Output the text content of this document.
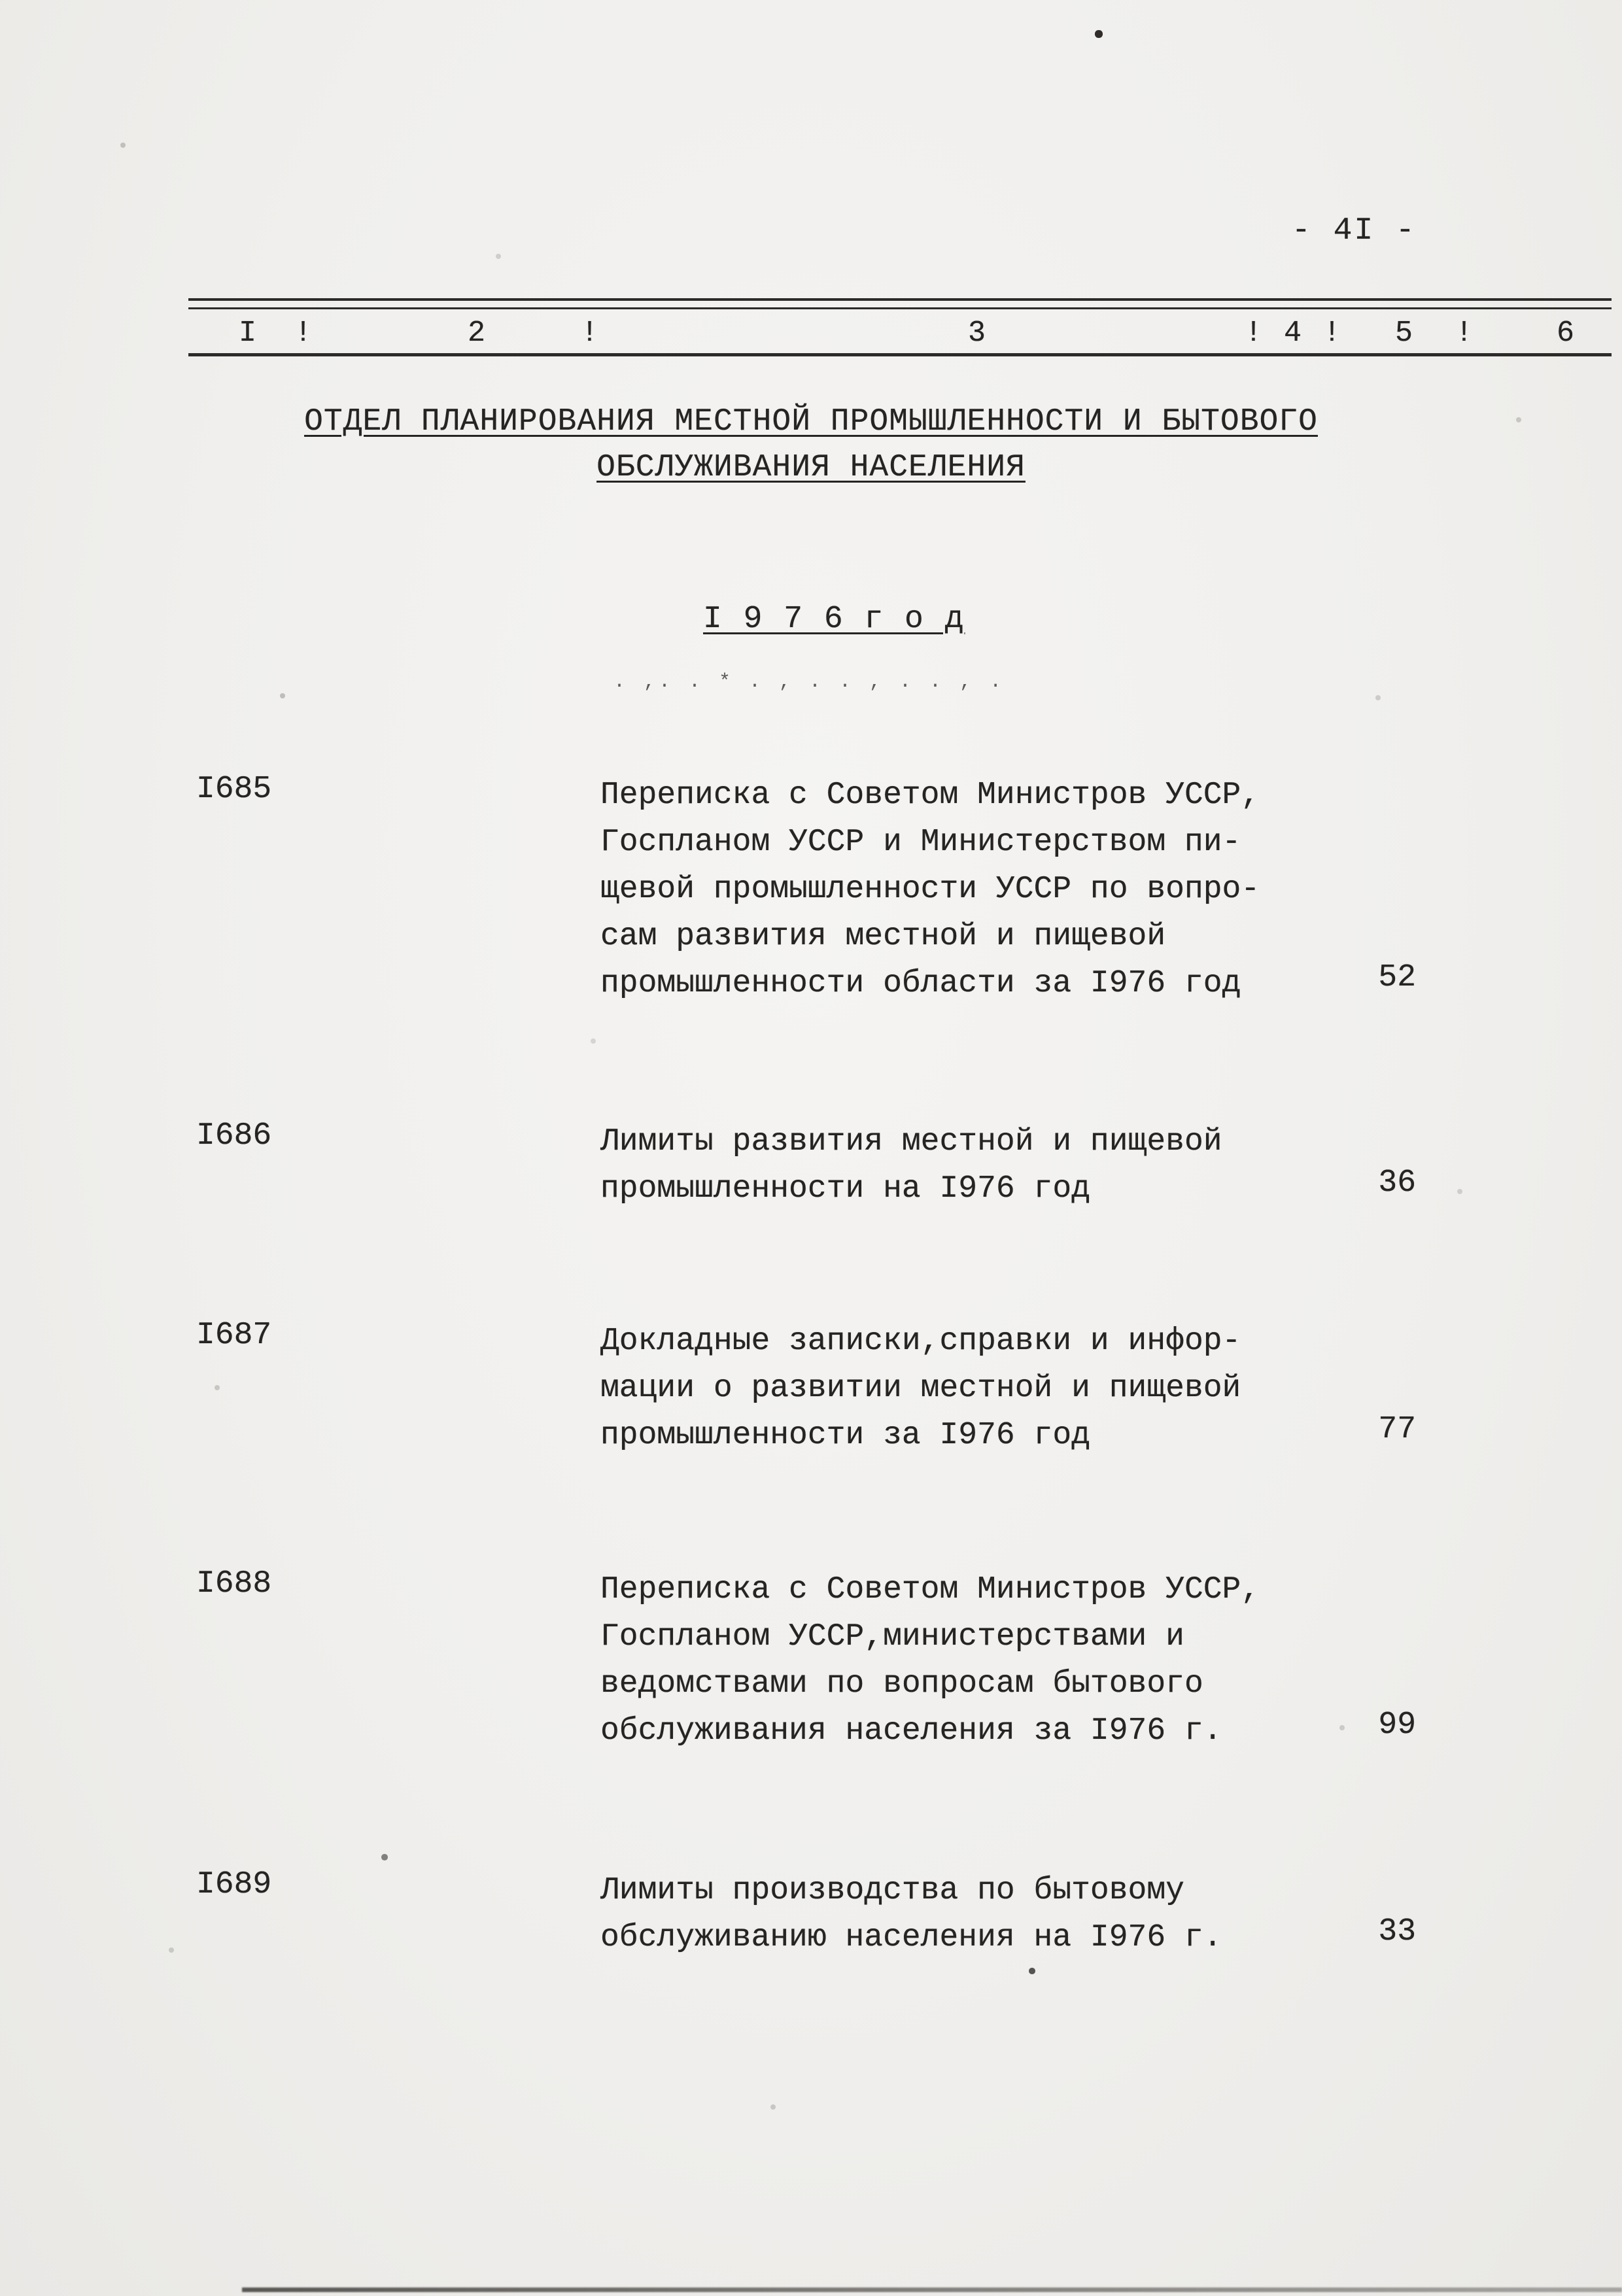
- 4I -
I !	2	!	3	! 4 ! 5 !	6
ОТДЕЛ ПЛАНИРОВАНИЯ МЕСТНОЙ ПРОМЫШЛЕННОСТИ И БЫТОВОГО
ОБСЛУЖИВАНИЯ НАСЕЛЕНИЯ
I 9 7 6 г о д
. ,. . * . , . . , . . , .
I685	Переписка с Советом Министров УССР,
Госпланом УССР и Министерством пи-
щевой промышленности УССР по вопро-
сам развития местной и пищевой
промышленности области за I976 год	52
I686	Лимиты развития местной и пищевой
промышленности на I976 год	36
I687	Докладные записки,справки и инфор-
мации о развитии местной и пищевой
промышленности за I976 год	77
I688	Переписка с Советом Министров УССР,
Госпланом УССР,министерствами и
ведомствами по вопросам бытового
обслуживания населения за I976 г.	99
I689	Лимиты производства по бытовому
обслуживанию населения на I976 г.	33
